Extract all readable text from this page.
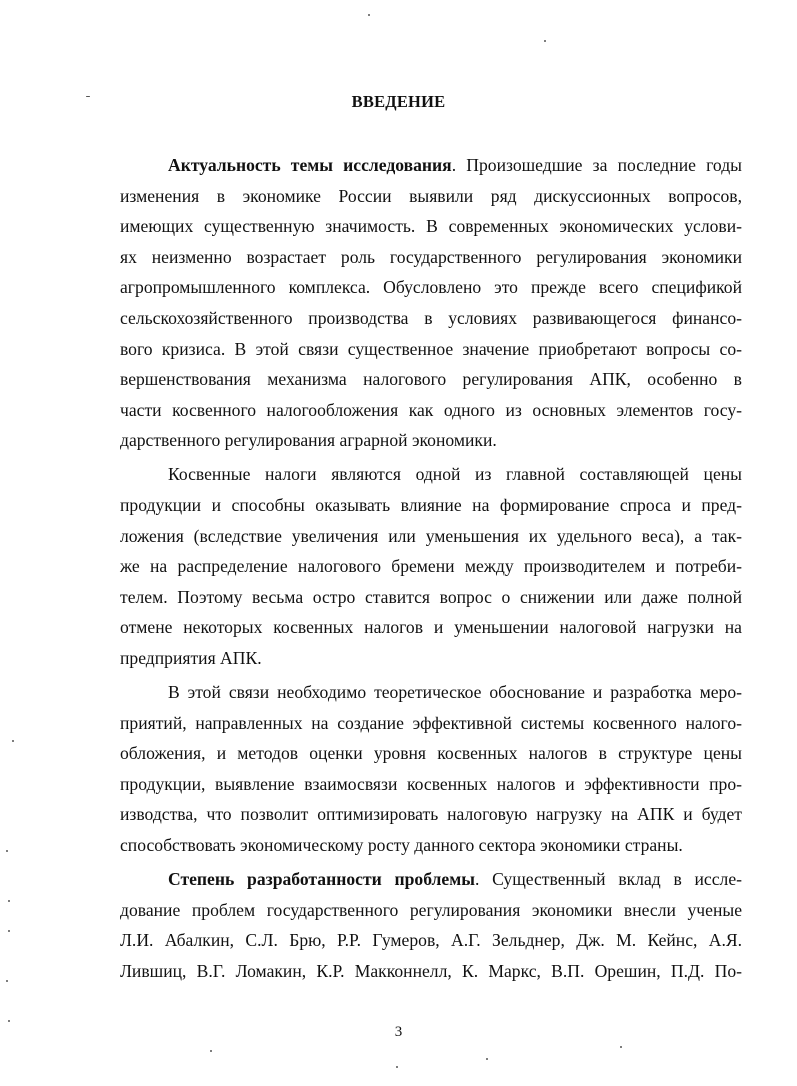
ВВЕДЕНИЕ
Актуальность темы исследования. Произошедшие за последние годы
изменения в экономике России выявили ряд дискуссионных вопросов,
имеющих существенную значимость. В современных экономических услови-
ях неизменно возрастает роль государственного регулирования экономики
агропромышленного комплекса. Обусловлено это прежде всего спецификой
сельскохозяйственного производства в условиях развивающегося финансо-
вого кризиса. В этой связи существенное значение приобретают вопросы со-
вершенствования механизма налогового регулирования АПК, особенно в
части косвенного налогообложения как одного из основных элементов госу-
дарственного регулирования аграрной экономики.
Косвенные налоги являются одной из главной составляющей цены
продукции и способны оказывать влияние на формирование спроса и пред-
ложения (вследствие увеличения или уменьшения их удельного веса), а так-
же на распределение налогового бремени между производителем и потреби-
телем. Поэтому весьма остро ставится вопрос о снижении или даже полной
отмене некоторых косвенных налогов и уменьшении налоговой нагрузки на
предприятия АПК.
В этой связи необходимо теоретическое обоснование и разработка меро-
приятий, направленных на создание эффективной системы косвенного налого-
обложения, и методов оценки уровня косвенных налогов в структуре цены
продукции, выявление взаимосвязи косвенных налогов и эффективности про-
изводства, что позволит оптимизировать налоговую нагрузку на АПК и будет
способствовать экономическому росту данного сектора экономики страны.
Степень разработанности проблемы. Существенный вклад в иссле-
дование проблем государственного регулирования экономики внесли ученые
Л.И. Абалкин, С.Л. Брю, Р.Р. Гумеров, А.Г. Зельднер, Дж. М. Кейнс, А.Я.
Лившиц, В.Г. Ломакин, К.Р. Макконнелл, К. Маркс, В.П. Орешин, П.Д. По-
3
